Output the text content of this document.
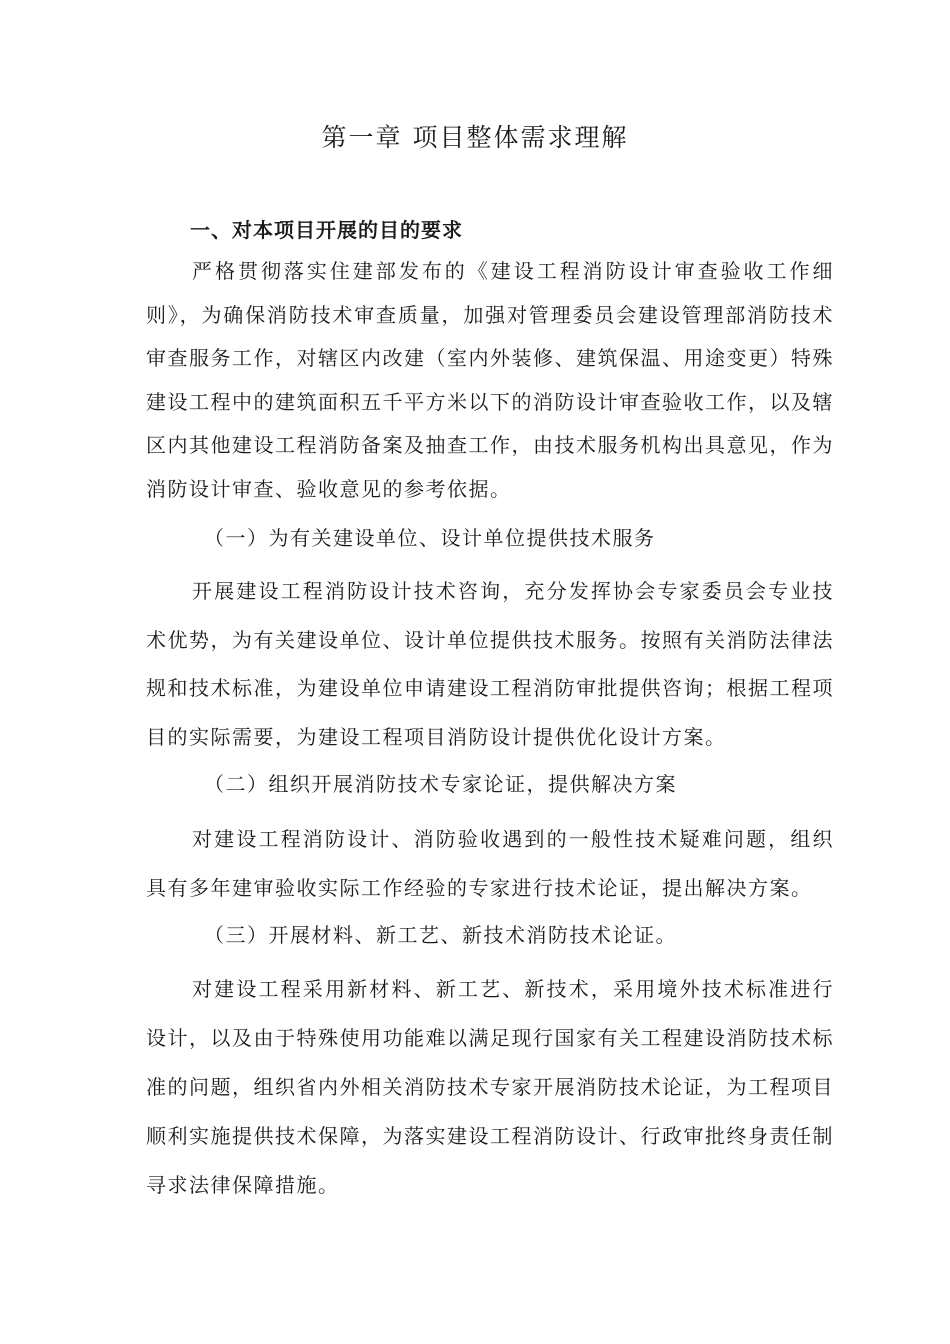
第一章 项目整体需求理解
一、对本项目开展的目的要求

严格贯彻落实住建部发布的《建设工程消防设计审查验收工作细则》，为确保消防技术审查质量，加强对管理委员会建设管理部消防技术审查服务工作，对辖区内改建（室内外装修、建筑保温、用途变更）特殊建设工程中的建筑面积五千平方米以下的消防设计审查验收工作，以及辖区内其他建设工程消防备案及抽查工作，由技术服务机构出具意见，作为消防设计审查、验收意见的参考依据。

（一）为有关建设单位、设计单位提供技术服务

开展建设工程消防设计技术咨询，充分发挥协会专家委员会专业技术优势，为有关建设单位、设计单位提供技术服务。按照有关消防法律法规和技术标准，为建设单位申请建设工程消防审批提供咨询；根据工程项目的实际需要，为建设工程项目消防设计提供优化设计方案。

（二）组织开展消防技术专家论证，提供解决方案

对建设工程消防设计、消防验收遇到的一般性技术疑难问题，组织具有多年建审验收实际工作经验的专家进行技术论证，提出解决方案。

（三）开展材料、新工艺、新技术消防技术论证。

对建设工程采用新材料、新工艺、新技术，采用境外技术标准进行设计，以及由于特殊使用功能难以满足现行国家有关工程建设消防技术标准的问题，组织省内外相关消防技术专家开展消防技术论证，为工程项目顺利实施提供技术保障，为落实建设工程消防设计、行政审批终身责任制寻求法律保障措施。
